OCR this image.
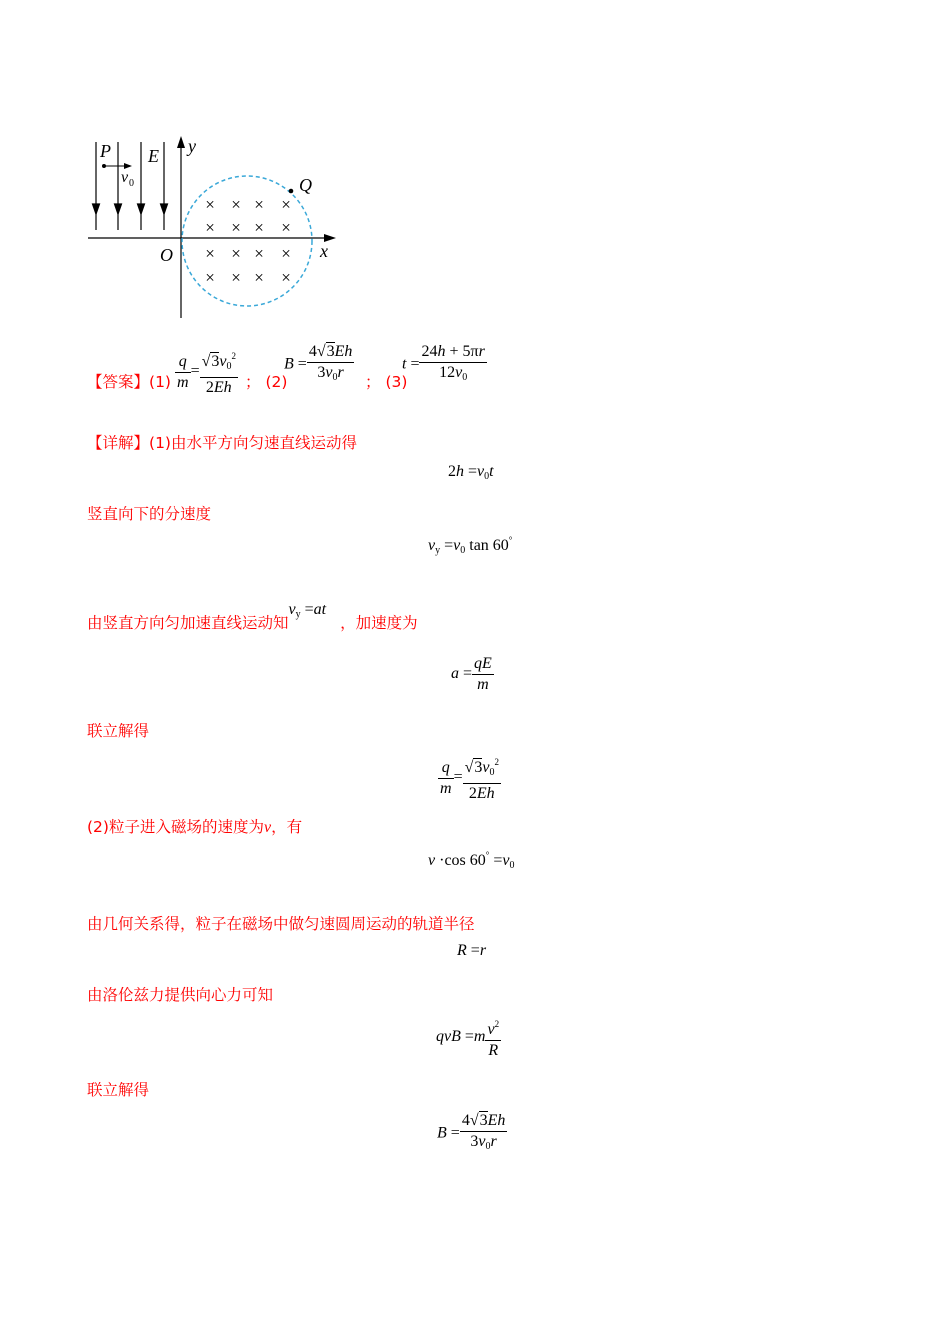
P
v 0
E y
Q
O	x
× × × ×
× × × ×
× × × ×
× × × ×
【答案】$(1) \frac{q}{m} = \frac{√3v_0^2}{2Eh}$ ； (2)
$B = \frac{4√3Eh}{3v_0r}$ ； (3)
$t = \frac{24h + 5\pi r}{12v_0}$
【详解】(1)由水平方向匀速直线运动得
$2h =v_0t$
竖直向下的分速度
$v_y =v_0$ tan 60°
由竖直方向匀加速直线运动知$v_y =at$，加速度为
$a = \frac{qE}{m}$
联立解得
$\frac{q}{m} = \frac{√3v_0^2}{2Eh}$
(2)粒子进入磁场的速度为v，有
v ·cos $60^\circ =v_0$
由几何关系得，粒子在磁场中做匀速圆周运动的轨道半径
R =r
由洛伦兹力提供向心力可知
qvB $=m \frac{v^2}{R}$
联立解得
$B = \frac{4√3Eh}{3v_0r}$
